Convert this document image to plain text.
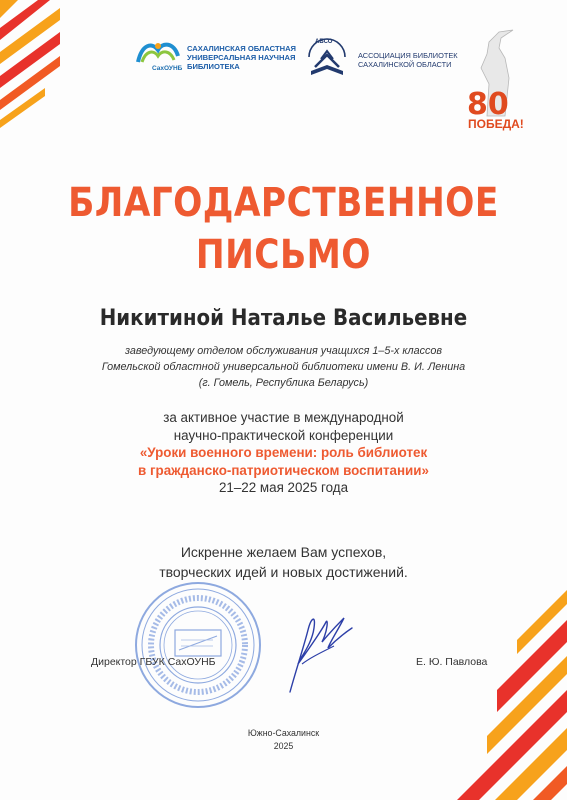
СахОУНБ
САХАЛИНСКАЯ ОБЛАСТНАЯ
УНИВЕРСАЛЬНАЯ НАУЧНАЯ
БИБЛИОТЕКА
АБСО
АССОЦИАЦИЯ БИБЛИОТЕК
САХАЛИНСКОЙ ОБЛАСТИ
80
ПОБЕДА!
БЛАГОДАРСТВЕННОЕ
ПИСЬМО
Никитиной Наталье Васильевне
заведующему отделом обслуживания учащихся 1–5-х классов
Гомельской областной универсальной библиотеки имени В. И. Ленина
(г. Гомель, Республика Беларусь)
за активное участие в международной
научно-практической конференции
«Уроки военного времени: роль библиотек
в гражданско-патриотическом воспитании»
21–22 мая 2025 года
Искренне желаем Вам успехов,
творческих идей и новых достижений.
Директор ГБУК СахОУНБ	Е. Ю. Павлова
Южно-Сахалинск
2025
